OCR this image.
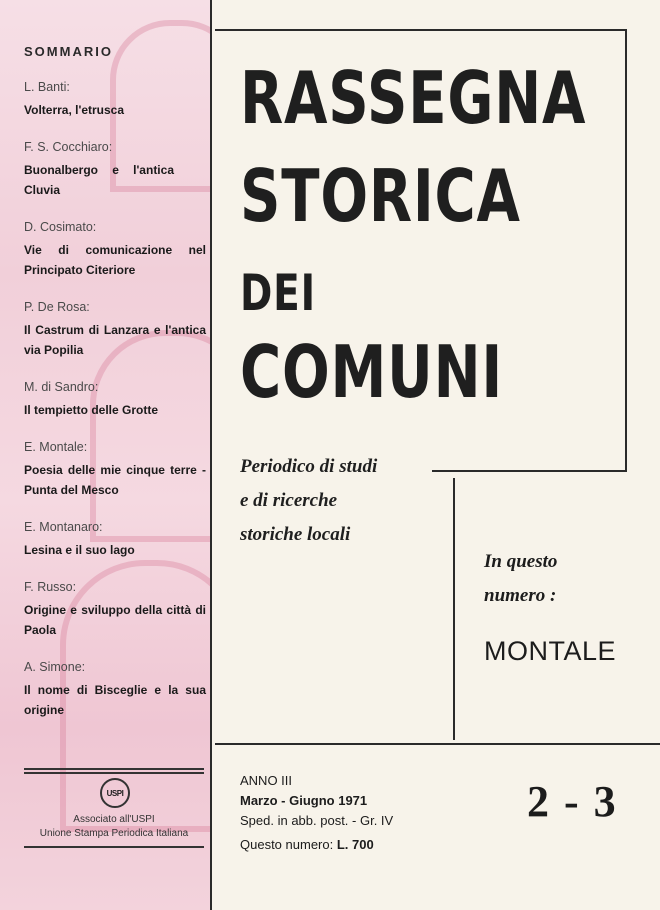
SOMMARIO
L. Banti:
Volterra, l'etrusca
F. S. Cocchiaro:
Buonalbergo e l'antica Cluvia
D. Cosimato:
Vie di comunicazione nel Principato Citeriore
P. De Rosa:
Il Castrum di Lanzara e l'antica via Popilia
M. di Sandro:
Il tempietto delle Grotte
E. Montale:
Poesia delle mie cinque terre - Punta del Mesco
E. Montanaro:
Lesina e il suo lago
F. Russo:
Origine e sviluppo della città di Paola
A. Simone:
Il nome di Bisceglie e la sua origine
USPI
Associato all'USPI
Unione Stampa Periodica Italiana
RASSEGNA
STORICA
DEI
COMUNI
Periodico di studi
e di ricerche
storiche locali
In questo
numero :
MONTALE
ANNO III
Marzo - Giugno 1971
Sped. in abb. post. - Gr. IV
Questo numero: L. 700
2 - 3
